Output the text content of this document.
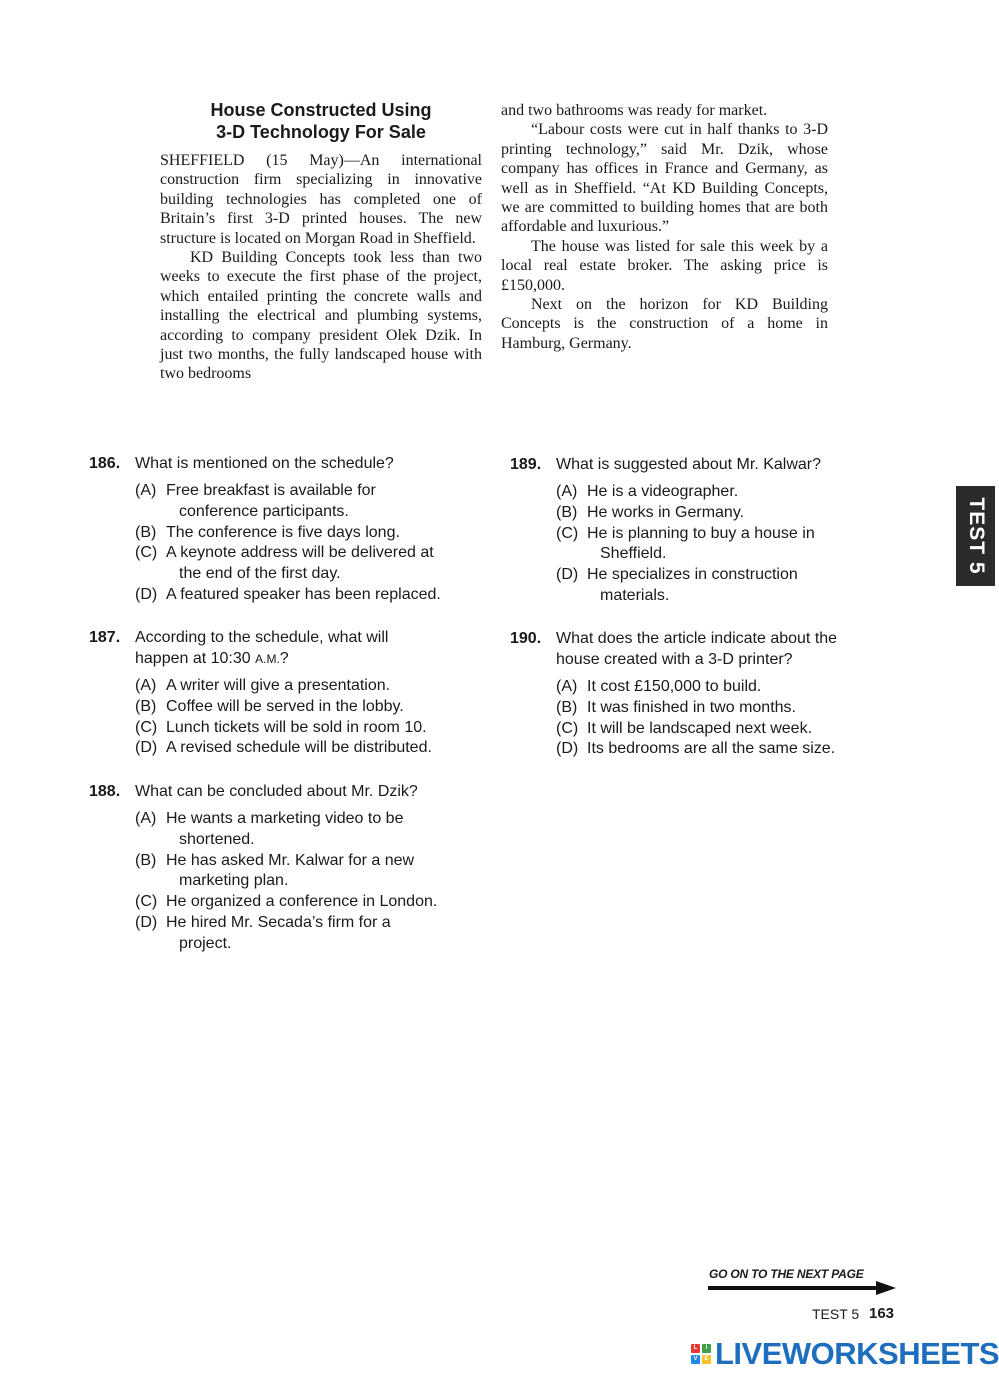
House Constructed Using
3-D Technology For Sale

SHEFFIELD (15 May)—An international construction firm specializing in innovative building technologies has completed one of Britain’s first 3-D printed houses. The new structure is located on Morgan Road in Sheffield.

KD Building Concepts took less than two weeks to execute the first phase of the project, which entailed printing the concrete walls and installing the electrical and plumbing systems, according to company president Olek Dzik. In just two months, the fully landscaped house with two bedrooms

and two bathrooms was ready for market.

“Labour costs were cut in half thanks to 3-D printing technology,” said Mr. Dzik, whose company has offices in France and Germany, as well as in Sheffield. “At KD Building Concepts, we are committed to building homes that are both affordable and luxurious.”

The house was listed for sale this week by a local real estate broker. The asking price is £150,000.

Next on the horizon for KD Building Concepts is the construction of a home in Hamburg, Germany.

186. What is mentioned on the schedule?
(A) Free breakfast is available for
conference participants.
(B) The conference is five days long.
(C) A keynote address will be delivered at
the end of the first day.
(D) A featured speaker has been replaced.
187. According to the schedule, what will
happen at 10:30 A.M.?
(A) A writer will give a presentation.
(B) Coffee will be served in the lobby.
(C) Lunch tickets will be sold in room 10.
(D) A revised schedule will be distributed.
188. What can be concluded about Mr. Dzik?
(A) He wants a marketing video to be
shortened.
(B) He has asked Mr. Kalwar for a new
marketing plan.
(C) He organized a conference in London.
(D) He hired Mr. Secada’s firm for a
project.
189. What is suggested about Mr. Kalwar?
(A) He is a videographer.
(B) He works in Germany.
(C) He is planning to buy a house in
Sheffield.
(D) He specializes in construction
materials.
190. What does the article indicate about the
house created with a 3-D printer?
(A) It cost £150,000 to build.
(B) It was finished in two months.
(C) It will be landscaped next week.
(D) Its bedrooms are all the same size.
TEST 5
GO ON TO THE NEXT PAGE
TEST 5 163
L	I
V	E LIVEWORKSHEETS
